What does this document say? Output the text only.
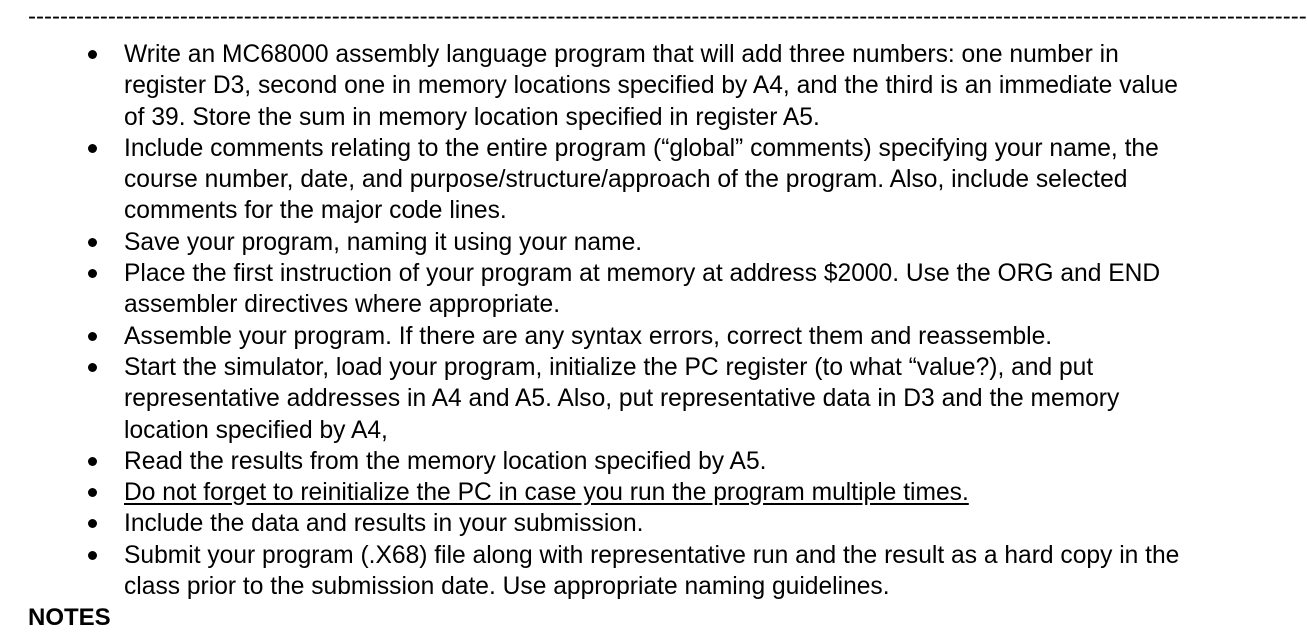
----------------------------------------------------------------------------------------------------------------------------------------------------------------
Write an MC68000 assembly language program that will add three numbers: one number in register D3, second one in memory locations specified by A4, and the third is an immediate value of 39. Store the sum in memory location specified in register A5.
Include comments relating to the entire program (“global” comments) specifying your name, the course number, date, and purpose/structure/approach of the program. Also, include selected comments for the major code lines.
Save your program, naming it using your name.
Place the first instruction of your program at memory at address $2000. Use the ORG and END assembler directives where appropriate.
Assemble your program. If there are any syntax errors, correct them and reassemble.
Start the simulator, load your program, initialize the PC register (to what “value?), and put representative addresses in A4 and A5. Also, put representative data in D3 and the memory location specified by A4,
Read the results from the memory location specified by A5.
Do not forget to reinitialize the PC in case you run the program multiple times.
Include the data and results in your submission.
Submit your program (.X68) file along with representative run and the result as a hard copy in the class prior to the submission date. Use appropriate naming guidelines.
NOTES
